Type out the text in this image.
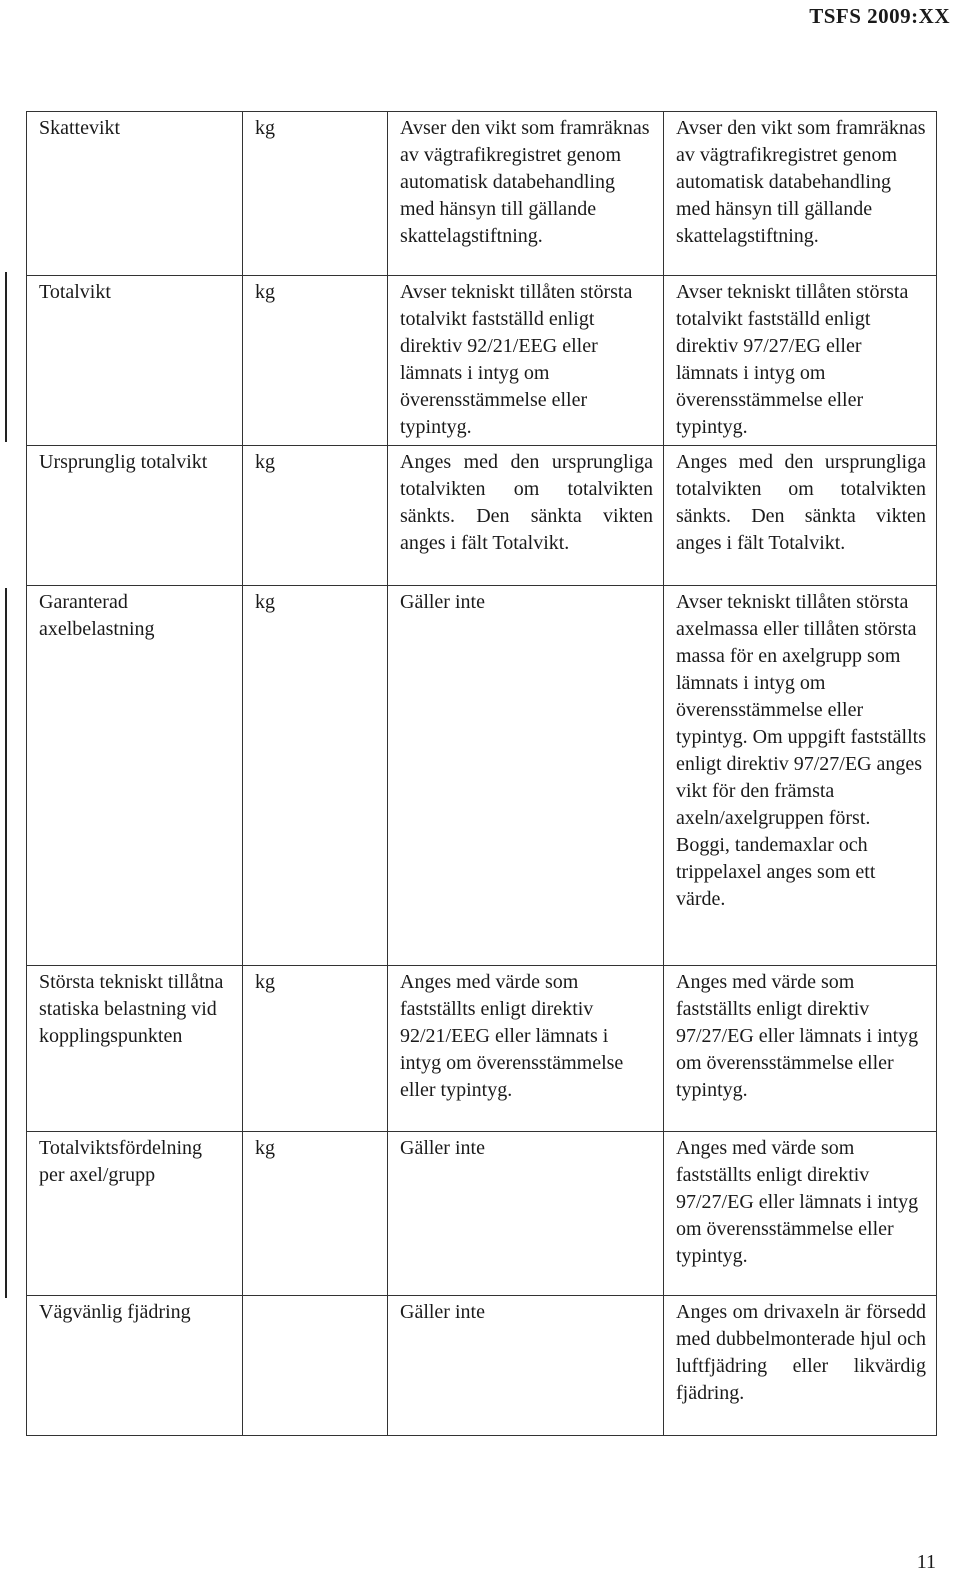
TSFS 2009:XX
Skattevikt	kg	Avser den vikt som framräknas av vägtrafikregistret genom automatisk databehandling med hänsyn till gällande skattelagstiftning.	Avser den vikt som framräknas av vägtrafikregistret genom automatisk databehandling med hänsyn till gällande skattelagstiftning.
Totalvikt	kg	Avser tekniskt tillåten största totalvikt fastställd enligt direktiv 92/21/EEG eller lämnats i intyg om överensstämmelse eller typintyg.	Avser tekniskt tillåten största totalvikt fastställd enligt direktiv 97/27/EG eller lämnats i intyg om överensstämmelse eller typintyg.
Ursprunglig totalvikt	kg	Anges med den ursprungliga totalvikten om totalvikten sänkts. Den sänkta vikten anges i fält Totalvikt.	Anges med den ursprungliga totalvikten om totalvikten sänkts. Den sänkta vikten anges i fält Totalvikt.
Garanterad axelbelastning	kg	Gäller inte	Avser tekniskt tillåten största axelmassa eller tillåten största massa för en axelgrupp som lämnats i intyg om överensstämmelse eller typintyg. Om uppgift fastställts enligt direktiv 97/27/EG anges vikt för den främsta axeln/axelgruppen först. Boggi, tandemaxlar och trippelaxel anges som ett värde.
Största tekniskt tillåtna statiska belastning vid kopplingspunkten	kg	Anges med värde som fastställts enligt direktiv 92/21/EEG eller lämnats i intyg om överensstämmelse eller typintyg.	Anges med värde som fastställts enligt direktiv 97/27/EG eller lämnats i intyg om överensstämmelse eller typintyg.
Totalviktsfördelning per axel/grupp	kg	Gäller inte	Anges med värde som fastställts enligt direktiv 97/27/EG eller lämnats i intyg om överensstämmelse eller typintyg.
Vägvänlig fjädring		Gäller inte	Anges om drivaxeln är försedd med dubbelmonterade hjul och luftfjädring eller likvärdig fjädring.
11
